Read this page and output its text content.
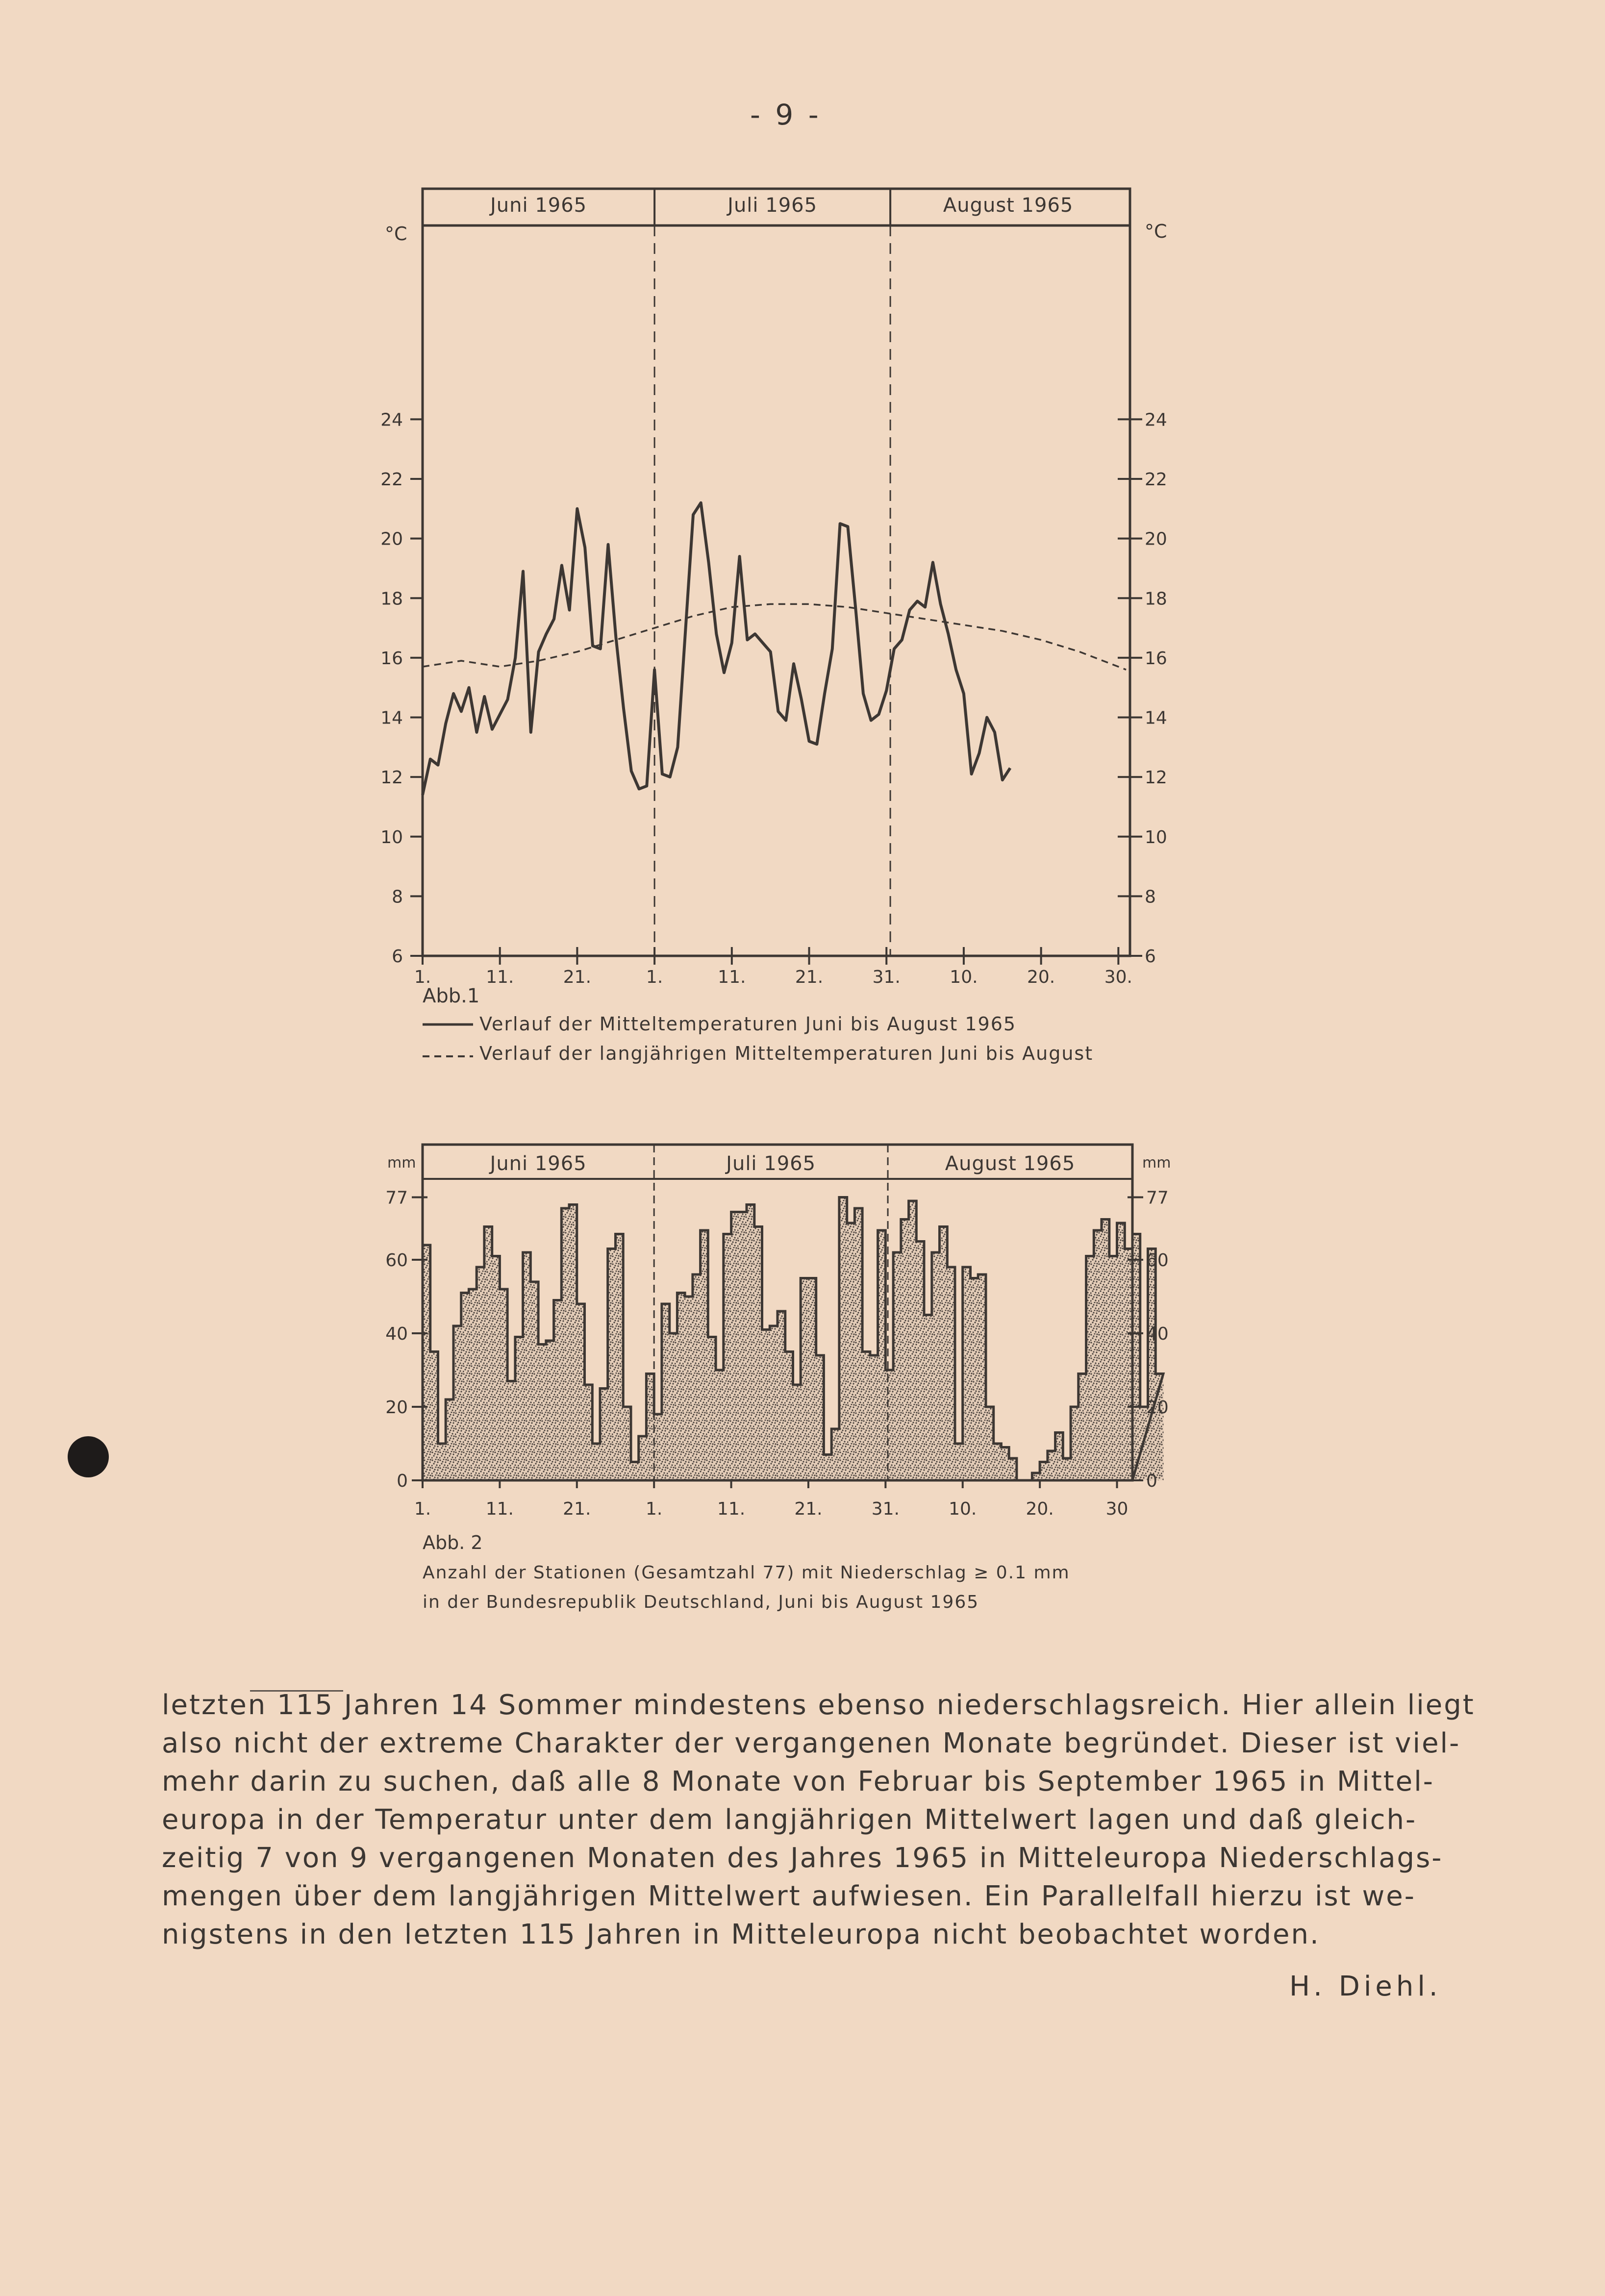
- 9 -
Juni 1965	Juli 1965	August 1965
°C	°C
6	6
8	8
10	10
12	12
14	14
16	16
18	18
20	20
22	22
24	24
1.	11.	21.	1.	11.	21.	31.	10.	20.	30.
Abb.1
Verlauf der Mitteltemperaturen Juni bis August 1965
Verlauf der langjährigen Mitteltemperaturen Juni bis August
Juni 1965	Juli 1965	August 1965
mm	mm
0
20
40
60
77
0
20
40
60
77
1.	11.	21.	1.	11.	21.	31.	10.	20.	30
Abb. 2
Anzahl der Stationen (Gesamtzahl 77) mit Niederschlag ≥ 0.1 mm
in der Bundesrepublik Deutschland, Juni bis August 1965
letzten 115 Jahren 14 Sommer mindestens ebenso niederschlagsreich. Hier allein liegt
also nicht der extreme Charakter der vergangenen Monate begründet. Dieser ist viel-
mehr darin zu suchen, daß alle 8 Monate von Februar bis September 1965 in Mittel-
europa in der Temperatur unter dem langjährigen Mittelwert lagen und daß gleich-
zeitig 7 von 9 vergangenen Monaten des Jahres 1965 in Mitteleuropa Niederschlags-
mengen über dem langjährigen Mittelwert aufwiesen. Ein Parallelfall hierzu ist we-
nigstens in den letzten 115 Jahren in Mitteleuropa nicht beobachtet worden.
H. Diehl.
